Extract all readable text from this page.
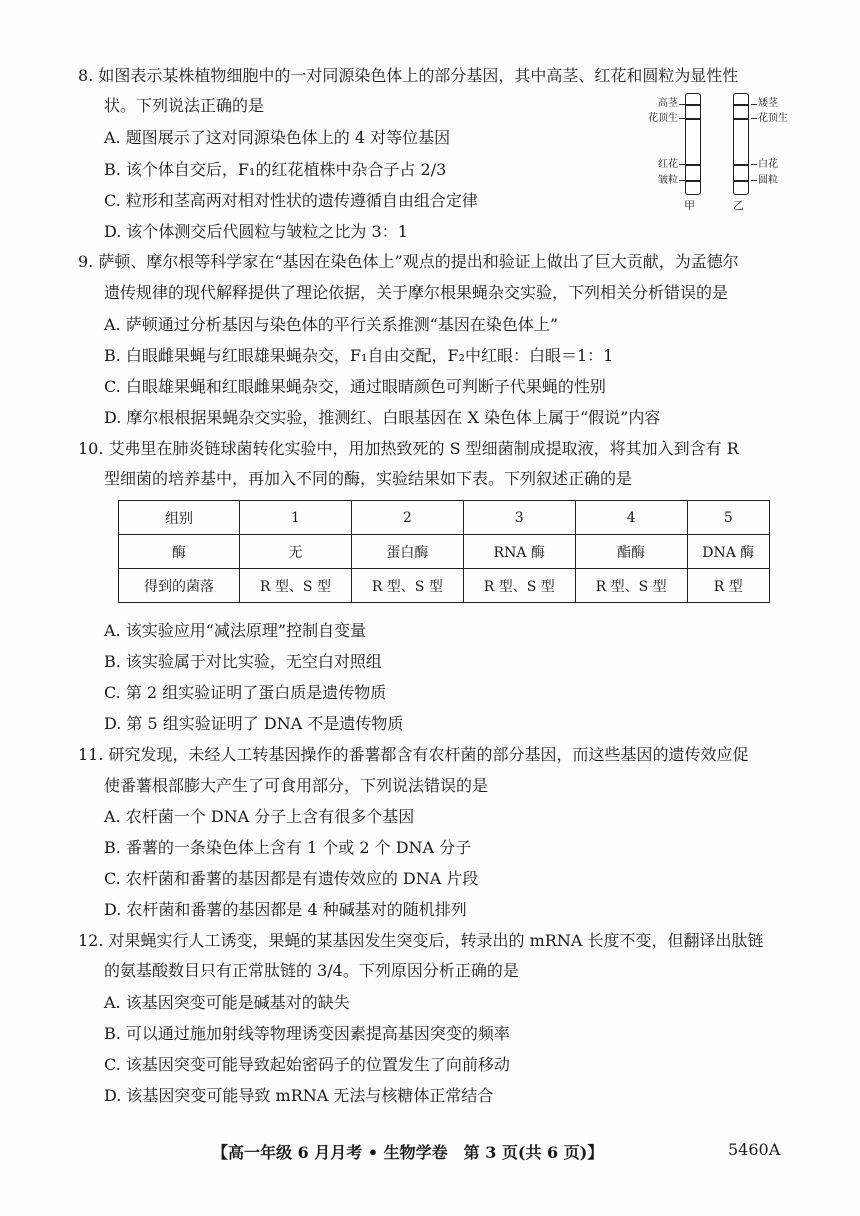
8. 如图表示某株植物细胞中的一对同源染色体上的部分基因，其中高茎、红花和圆粒为显性性
状。下列说法正确的是
A. 题图展示了这对同源染色体上的 4 对等位基因
B. 该个体自交后，F₁的红花植株中杂合子占 2/3
C. 粒形和茎高两对相对性状的遗传遵循自由组合定律
D. 该个体测交后代圆粒与皱粒之比为 3：1
高茎
花顶生
红花
皱粒
甲
矮茎
花顶生
白花
圆粒
乙
9. 萨顿、摩尔根等科学家在“基因在染色体上”观点的提出和验证上做出了巨大贡献，为孟德尔
遗传规律的现代解释提供了理论依据，关于摩尔根果蝇杂交实验，下列相关分析错误的是
A. 萨顿通过分析基因与染色体的平行关系推测“基因在染色体上”
B. 白眼雌果蝇与红眼雄果蝇杂交，F₁自由交配，F₂中红眼：白眼＝1：1
C. 白眼雄果蝇和红眼雌果蝇杂交，通过眼睛颜色可判断子代果蝇的性别
D. 摩尔根根据果蝇杂交实验，推测红、白眼基因在 X 染色体上属于“假说”内容
10. 艾弗里在肺炎链球菌转化实验中，用加热致死的 S 型细菌制成提取液，将其加入到含有 R
型细菌的培养基中，再加入不同的酶，实验结果如下表。下列叙述正确的是
组别	1	2	3	4	5
酶	无	蛋白酶	RNA 酶	酯酶	DNA 酶
得到的菌落	R 型、S 型	R 型、S 型	R 型、S 型	R 型、S 型	R 型
A. 该实验应用“减法原理”控制自变量
B. 该实验属于对比实验，无空白对照组
C. 第 2 组实验证明了蛋白质是遗传物质
D. 第 5 组实验证明了 DNA 不是遗传物质
11. 研究发现，未经人工转基因操作的番薯都含有农杆菌的部分基因，而这些基因的遗传效应促
使番薯根部膨大产生了可食用部分，下列说法错误的是
A. 农杆菌一个 DNA 分子上含有很多个基因
B. 番薯的一条染色体上含有 1 个或 2 个 DNA 分子
C. 农杆菌和番薯的基因都是有遗传效应的 DNA 片段
D. 农杆菌和番薯的基因都是 4 种碱基对的随机排列
12. 对果蝇实行人工诱变，果蝇的某基因发生突变后，转录出的 mRNA 长度不变，但翻译出肽链
的氨基酸数目只有正常肽链的 3/4。下列原因分析正确的是
A. 该基因突变可能是碱基对的缺失
B. 可以通过施加射线等物理诱变因素提高基因突变的频率
C. 该基因突变可能导致起始密码子的位置发生了向前移动
D. 该基因突变可能导致 mRNA 无法与核糖体正常结合
【高一年级 6 月月考 • 生物学卷　第 3 页(共 6 页)】	5460A
